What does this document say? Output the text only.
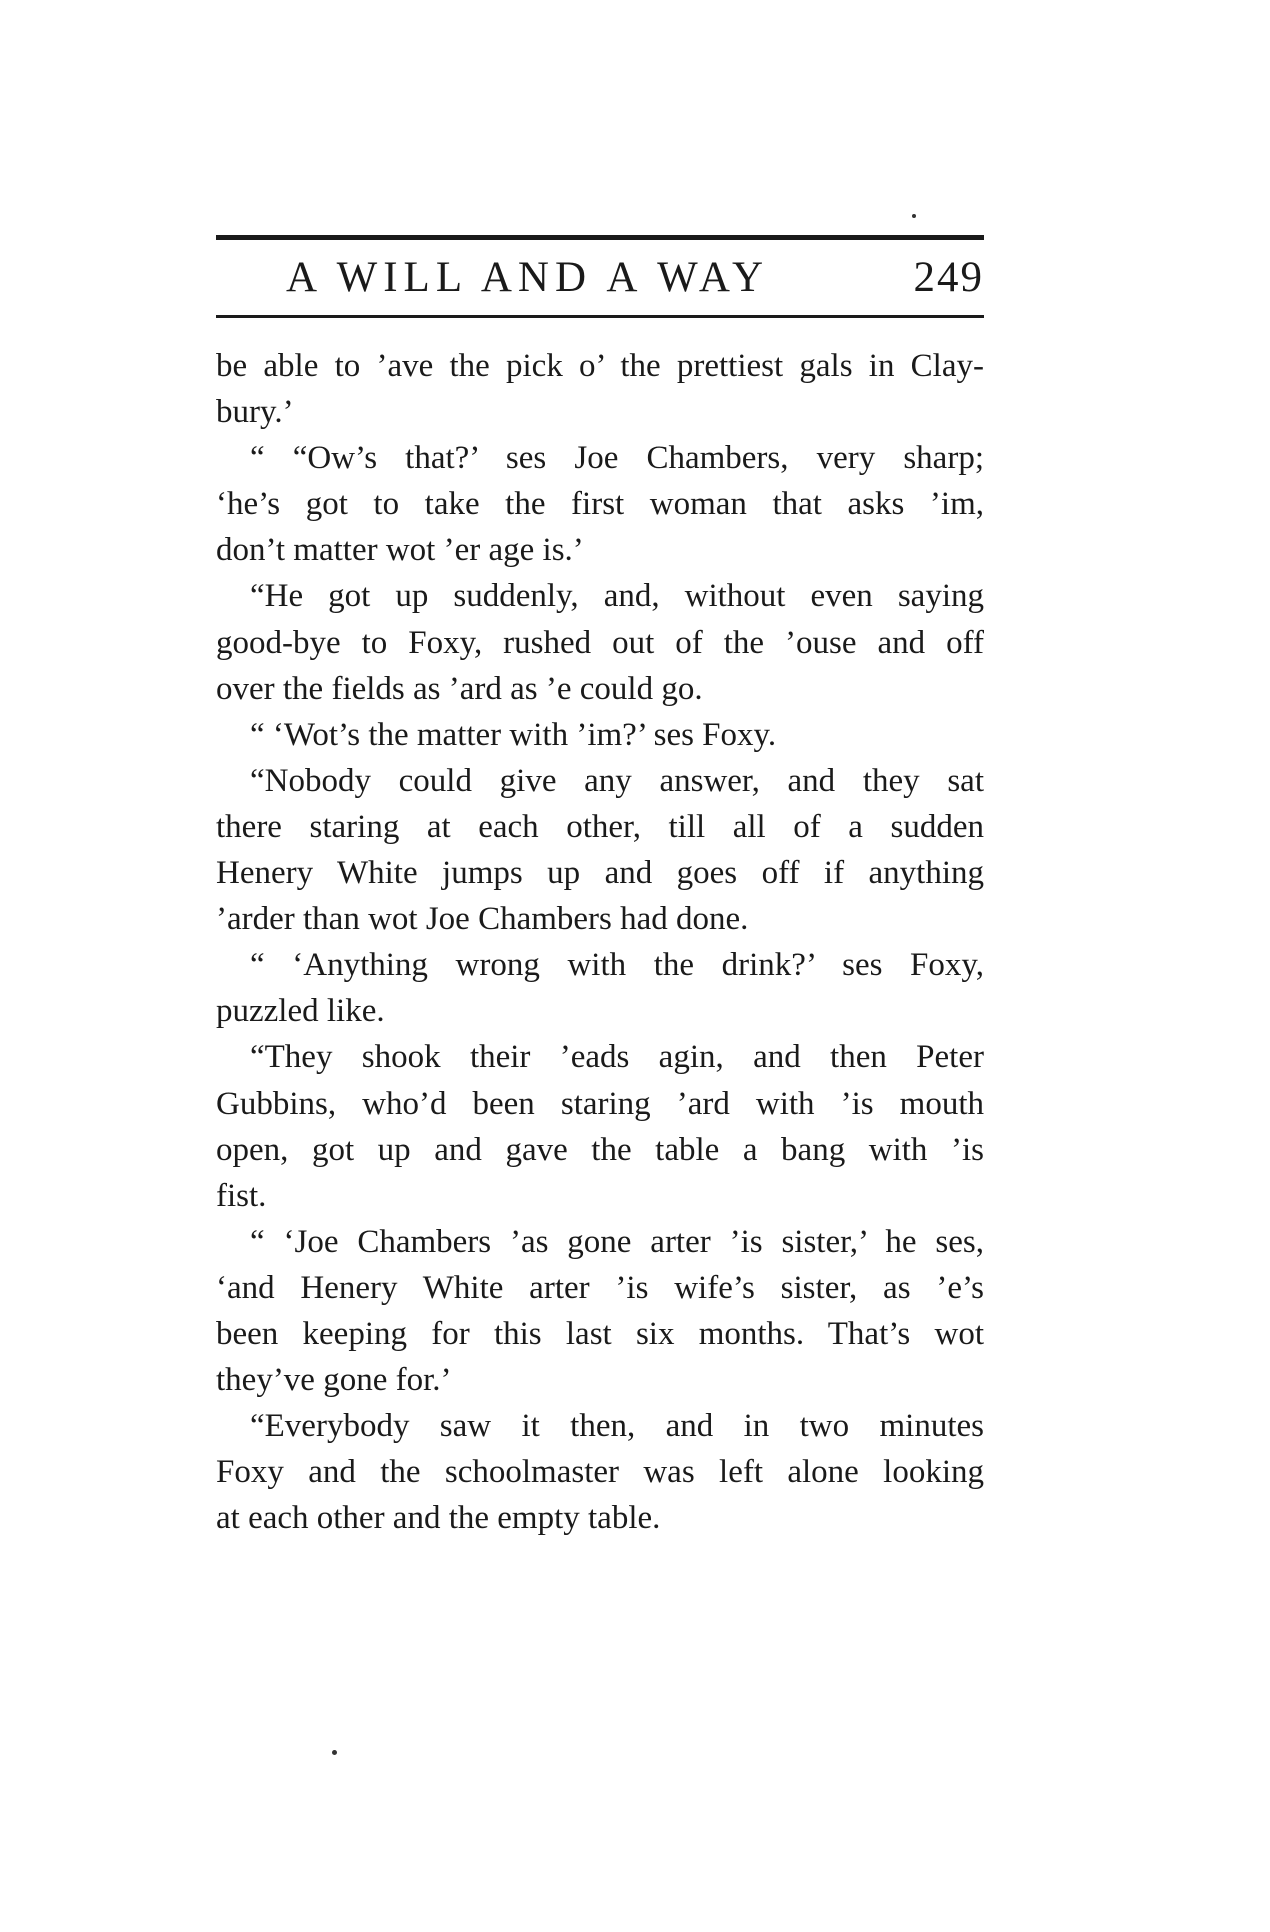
A WILL AND A WAY	249
be able to ’ave the pick o’ the prettiest gals in Clay-
bury.’
“ “Ow’s that?’ ses Joe Chambers, very sharp;
‘he’s got to take the first woman that asks ’im,
don’t matter wot ’er age is.’
“He got up suddenly, and, without even saying
good-bye to Foxy, rushed out of the ’ouse and off
over the fields as ’ard as ’e could go.
“ ‘Wot’s the matter with ’im?’ ses Foxy.
“Nobody could give any answer, and they sat
there staring at each other, till all of a sudden
Henery White jumps up and goes off if anything
’arder than wot Joe Chambers had done.
“ ‘Anything wrong with the drink?’ ses Foxy,
puzzled like.
“They shook their ’eads agin, and then Peter
Gubbins, who’d been staring ’ard with ’is mouth
open, got up and gave the table a bang with ’is
fist.
“ ‘Joe Chambers ’as gone arter ’is sister,’ he ses,
‘and Henery White arter ’is wife’s sister, as ’e’s
been keeping for this last six months. That’s wot
they’ve gone for.’
“Everybody saw it then, and in two minutes
Foxy and the schoolmaster was left alone looking
at each other and the empty table.
